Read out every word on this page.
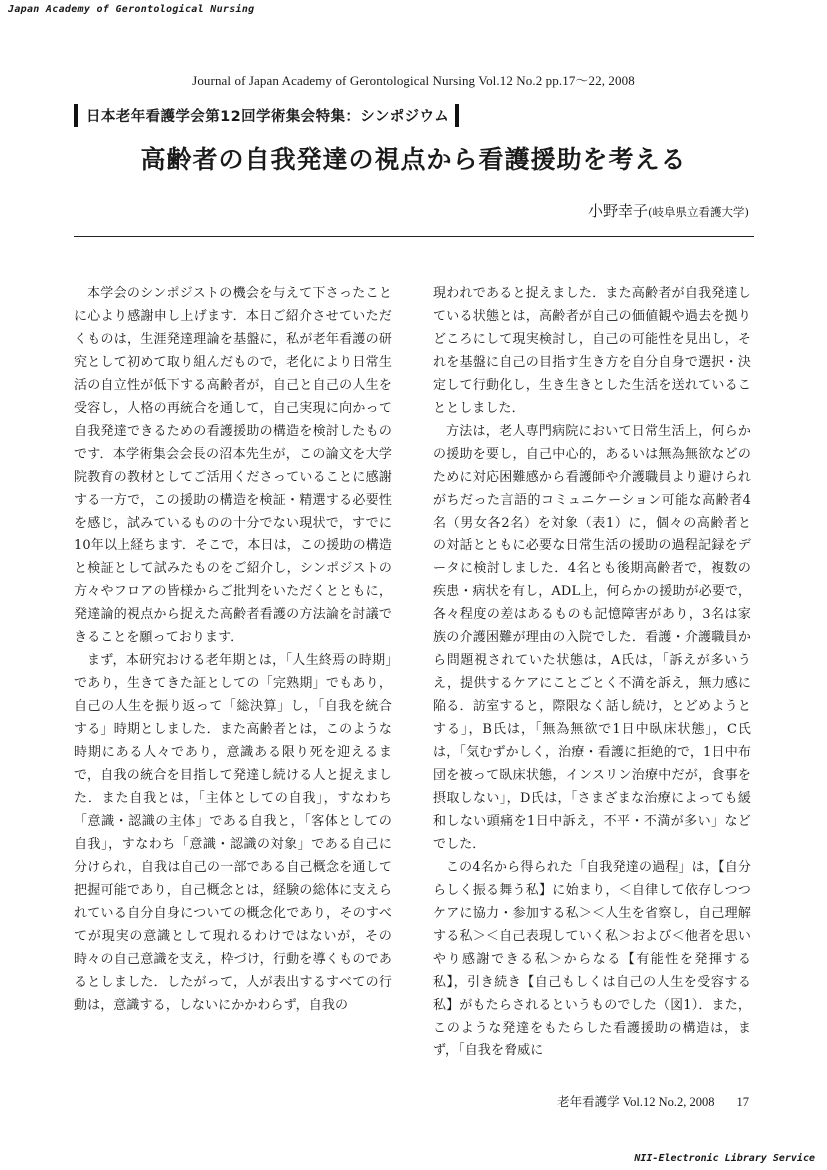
Japan Academy of Gerontological Nursing
Journal of Japan Academy of Gerontological Nursing Vol.12 No.2 pp.17～22, 2008
日本老年看護学会第12回学術集会特集：シンポジウム
高齢者の自我発達の視点から看護援助を考える
小野幸子(岐阜県立看護大学)

本学会のシンポジストの機会を与えて下さったことに心より感謝申し上げます．本日ご紹介させていただくものは，生涯発達理論を基盤に，私が老年看護の研究として初めて取り組んだもので，老化により日常生活の自立性が低下する高齢者が，自己と自己の人生を受容し，人格の再統合を通して，自己実現に向かって自我発達できるための看護援助の構造を検討したものです．本学術集会会長の沼本先生が，この論文を大学院教育の教材としてご活用くださっていることに感謝する一方で，この援助の構造を検証・精選する必要性を感じ，試みているものの十分でない現状で，すでに10年以上経ちます．そこで，本日は，この援助の構造と検証として試みたものをご紹介し，シンポジストの方々やフロアの皆様からご批判をいただくとともに，発達論的視点から捉えた高齢者看護の方法論を討議できることを願っております．

まず，本研究おける老年期とは，「人生終焉の時期」であり，生きてきた証としての「完熟期」でもあり，自己の人生を振り返って「総決算」し，「自我を統合する」時期としました．また高齢者とは，このような時期にある人々であり，意識ある限り死を迎えるまで，自我の統合を目指して発達し続ける人と捉えました．また自我とは，「主体としての自我」，すなわち「意識・認識の主体」である自我と，「客体としての自我」，すなわち「意識・認識の対象」である自己に分けられ，自我は自己の一部である自己概念を通して把握可能であり，自己概念とは，経験の総体に支えられている自分自身についての概念化であり，そのすべてが現実の意識として現れるわけではないが，その時々の自己意識を支え，枠づけ，行動を導くものであるとしました．したがって，人が表出するすべての行動は，意識する，しないにかかわらず，自我の

現われであると捉えました．また高齢者が自我発達している状態とは，高齢者が自己の価値観や過去を拠りどころにして現実検討し，自己の可能性を見出し，それを基盤に自己の目指す生き方を自分自身で選択・決定して行動化し，生き生きとした生活を送れていることとしました．

方法は，老人専門病院において日常生活上，何らかの援助を要し，自己中心的，あるいは無為無欲などのために対応困難感から看護師や介護職員より避けられがちだった言語的コミュニケーション可能な高齢者4名（男女各2名）を対象（表1）に，個々の高齢者との対話とともに必要な日常生活の援助の過程記録をデータに検討しました．4名とも後期高齢者で，複数の疾患・病状を有し，ADL上，何らかの援助が必要で，各々程度の差はあるものも記憶障害があり，3名は家族の介護困難が理由の入院でした．看護・介護職員から問題視されていた状態は，A氏は，「訴えが多いうえ，提供するケアにことごとく不満を訴え，無力感に陥る．訪室すると，際限なく話し続け，とどめようとする」，B氏は，「無為無欲で1日中臥床状態」，C氏は，「気むずかしく，治療・看護に拒絶的で，1日中布団を被って臥床状態，インスリン治療中だが，食事を摂取しない」，D氏は，「さまざまな治療によっても緩和しない頭痛を1日中訴え，不平・不満が多い」などでした．

この4名から得られた「自我発達の過程」は，【自分らしく振る舞う私】に始まり，＜自律して依存しつつケアに協力・参加する私＞＜人生を省察し，自己理解する私＞＜自己表現していく私＞および＜他者を思いやり感謝できる私＞からなる【有能性を発揮する私】，引き続き【自己もしくは自己の人生を受容する私】がもたらされるというものでした（図1）．また，このような発達をもたらした看護援助の構造は，まず，「自我を脅威に

老年看護学 Vol.12 No.2, 2008 17
NII-Electronic Library Service
